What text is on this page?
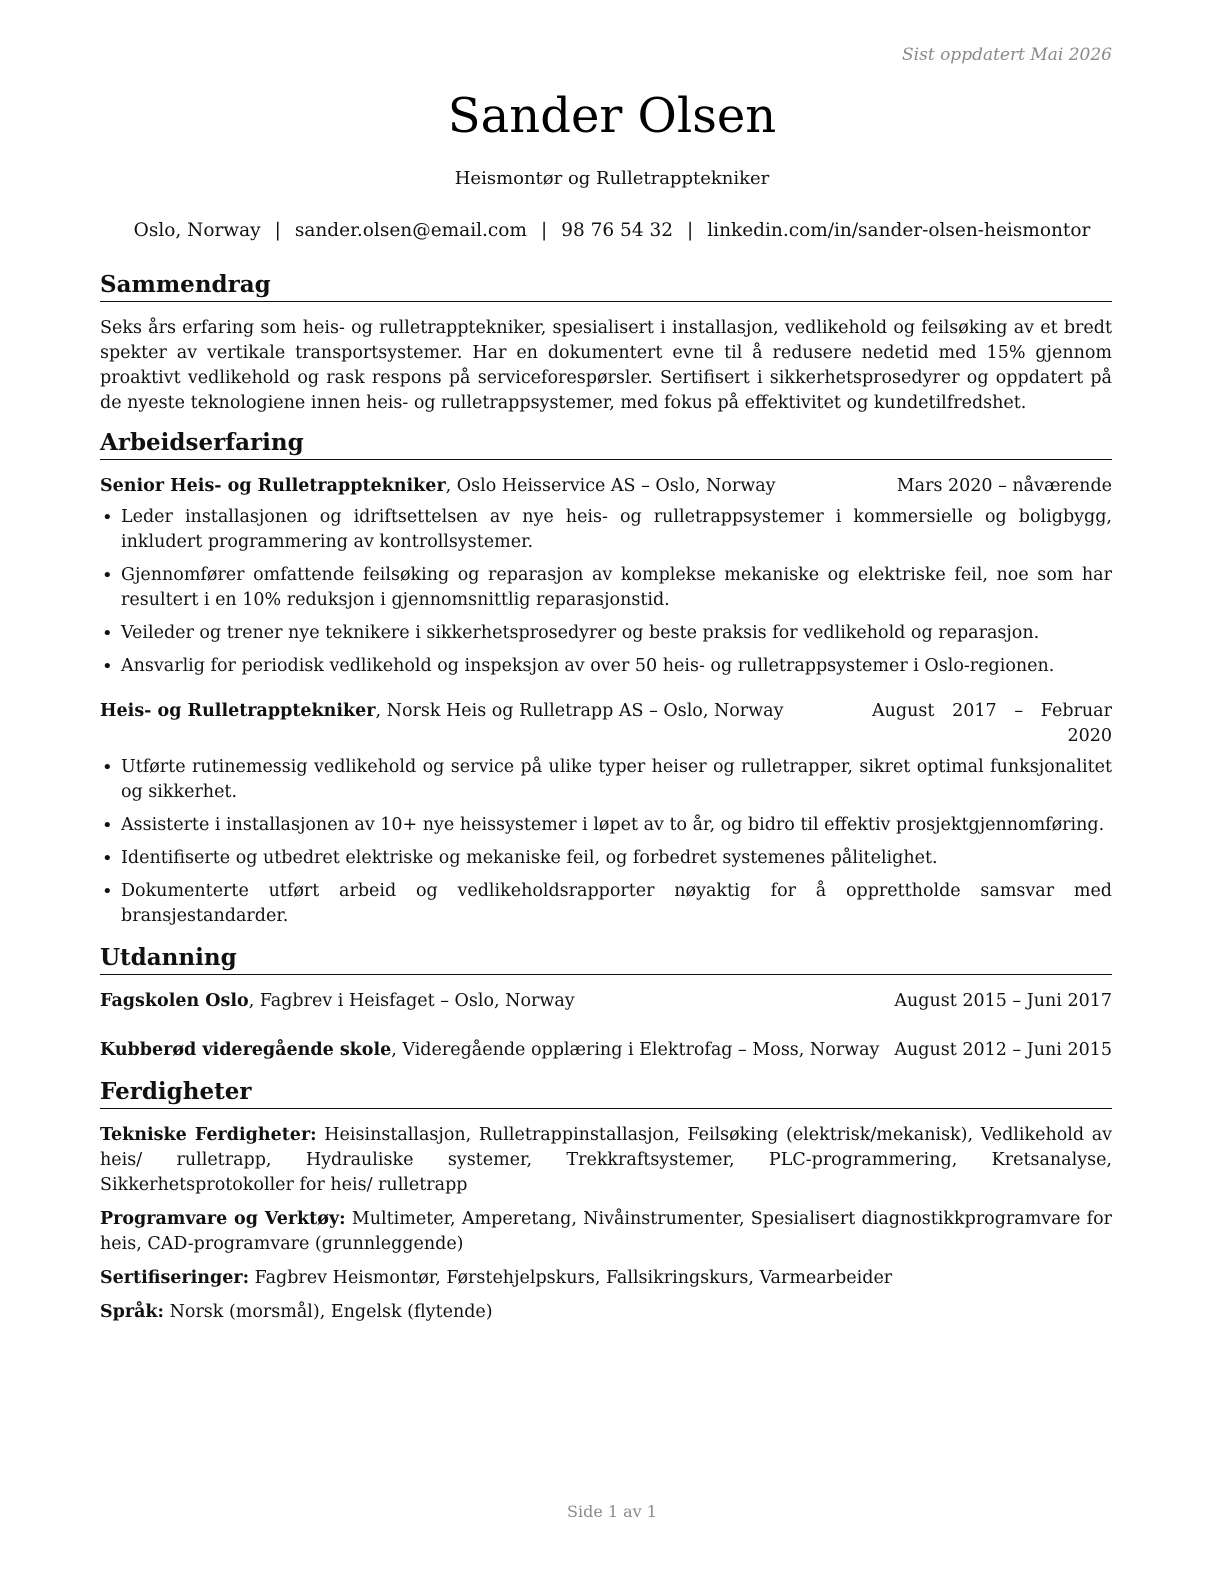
Sist oppdatert Mai 2026
Sander Olsen
Heismontør og Rulletrapptekniker
Oslo, Norway | sander.olsen@email.com | 98 76 54 32 | linkedin.com/in/sander-olsen-heismontor
Sammendrag

Seks års erfaring som heis- og rulletrapptekniker, spesialisert i installasjon, vedlikehold og feilsøking av et bredt spekter av vertikale transportsystemer. Har en dokumentert evne til å redusere nedetid med 15% gjennom proaktivt vedlikehold og rask respons på serviceforespørsler. Sertifisert i sikkerhetsprosedyrer og oppdatert på de nyeste teknologiene innen heis- og rulletrappsystemer, med fokus på effektivitet og kundetilfredshet.

Arbeidserfaring
Senior Heis- og Rulletrapptekniker, Oslo Heisservice AS – Oslo, Norway	Mars 2020 – nåværende
• Leder installasjonen og idriftsettelsen av nye heis- og rulletrappsystemer i kommersielle og boligbygg, inkludert programmering av kontrollsystemer.
• Gjennomfører omfattende feilsøking og reparasjon av komplekse mekaniske og elektriske feil, noe som har resultert i en 10% reduksjon i gjennomsnittlig reparasjonstid.
• Veileder og trener nye teknikere i sikkerhetsprosedyrer og beste praksis for vedlikehold og reparasjon.
• Ansvarlig for periodisk vedlikehold og inspeksjon av over 50 heis- og rulletrappsystemer i Oslo-regionen.
Heis- og Rulletrapptekniker, Norsk Heis og Rulletrapp AS – Oslo, Norway	August 2017 – Februar 2020
• Utførte rutinemessig vedlikehold og service på ulike typer heiser og rulletrapper, sikret optimal funksjonalitet og sikkerhet.
• Assisterte i installasjonen av 10+ nye heissystemer i løpet av to år, og bidro til effektiv prosjektgjennomføring.
• Identifiserte og utbedret elektriske og mekaniske feil, og forbedret systemenes pålitelighet.
• Dokumenterte utført arbeid og vedlikeholdsrapporter nøyaktig for å opprettholde samsvar med bransjestandarder.
Utdanning
Fagskolen Oslo, Fagbrev i Heisfaget – Oslo, Norway	August 2015 – Juni 2017
Kubberød videregående skole, Videregående opplæring i Elektrofag – Moss, Norway August 2012 – Juni 2015
Ferdigheter

Tekniske Ferdigheter: Heisinstallasjon, Rulletrappinstallasjon, Feilsøking (elektrisk/mekanisk), Vedlikehold av heis/ rulletrapp, Hydrauliske systemer, Trekkraftsystemer, PLC-programmering, Kretsanalyse, Sikkerhetsprotokoller for heis/ rulletrapp

Programvare og Verktøy: Multimeter, Amperetang, Nivåinstrumenter, Spesialisert diagnostikkprogramvare for heis, CAD-programvare (grunnleggende)

Sertifiseringer: Fagbrev Heismontør, Førstehjelpskurs, Fallsikringskurs, Varmearbeider

Språk: Norsk (morsmål), Engelsk (flytende)

Side 1 av 1
